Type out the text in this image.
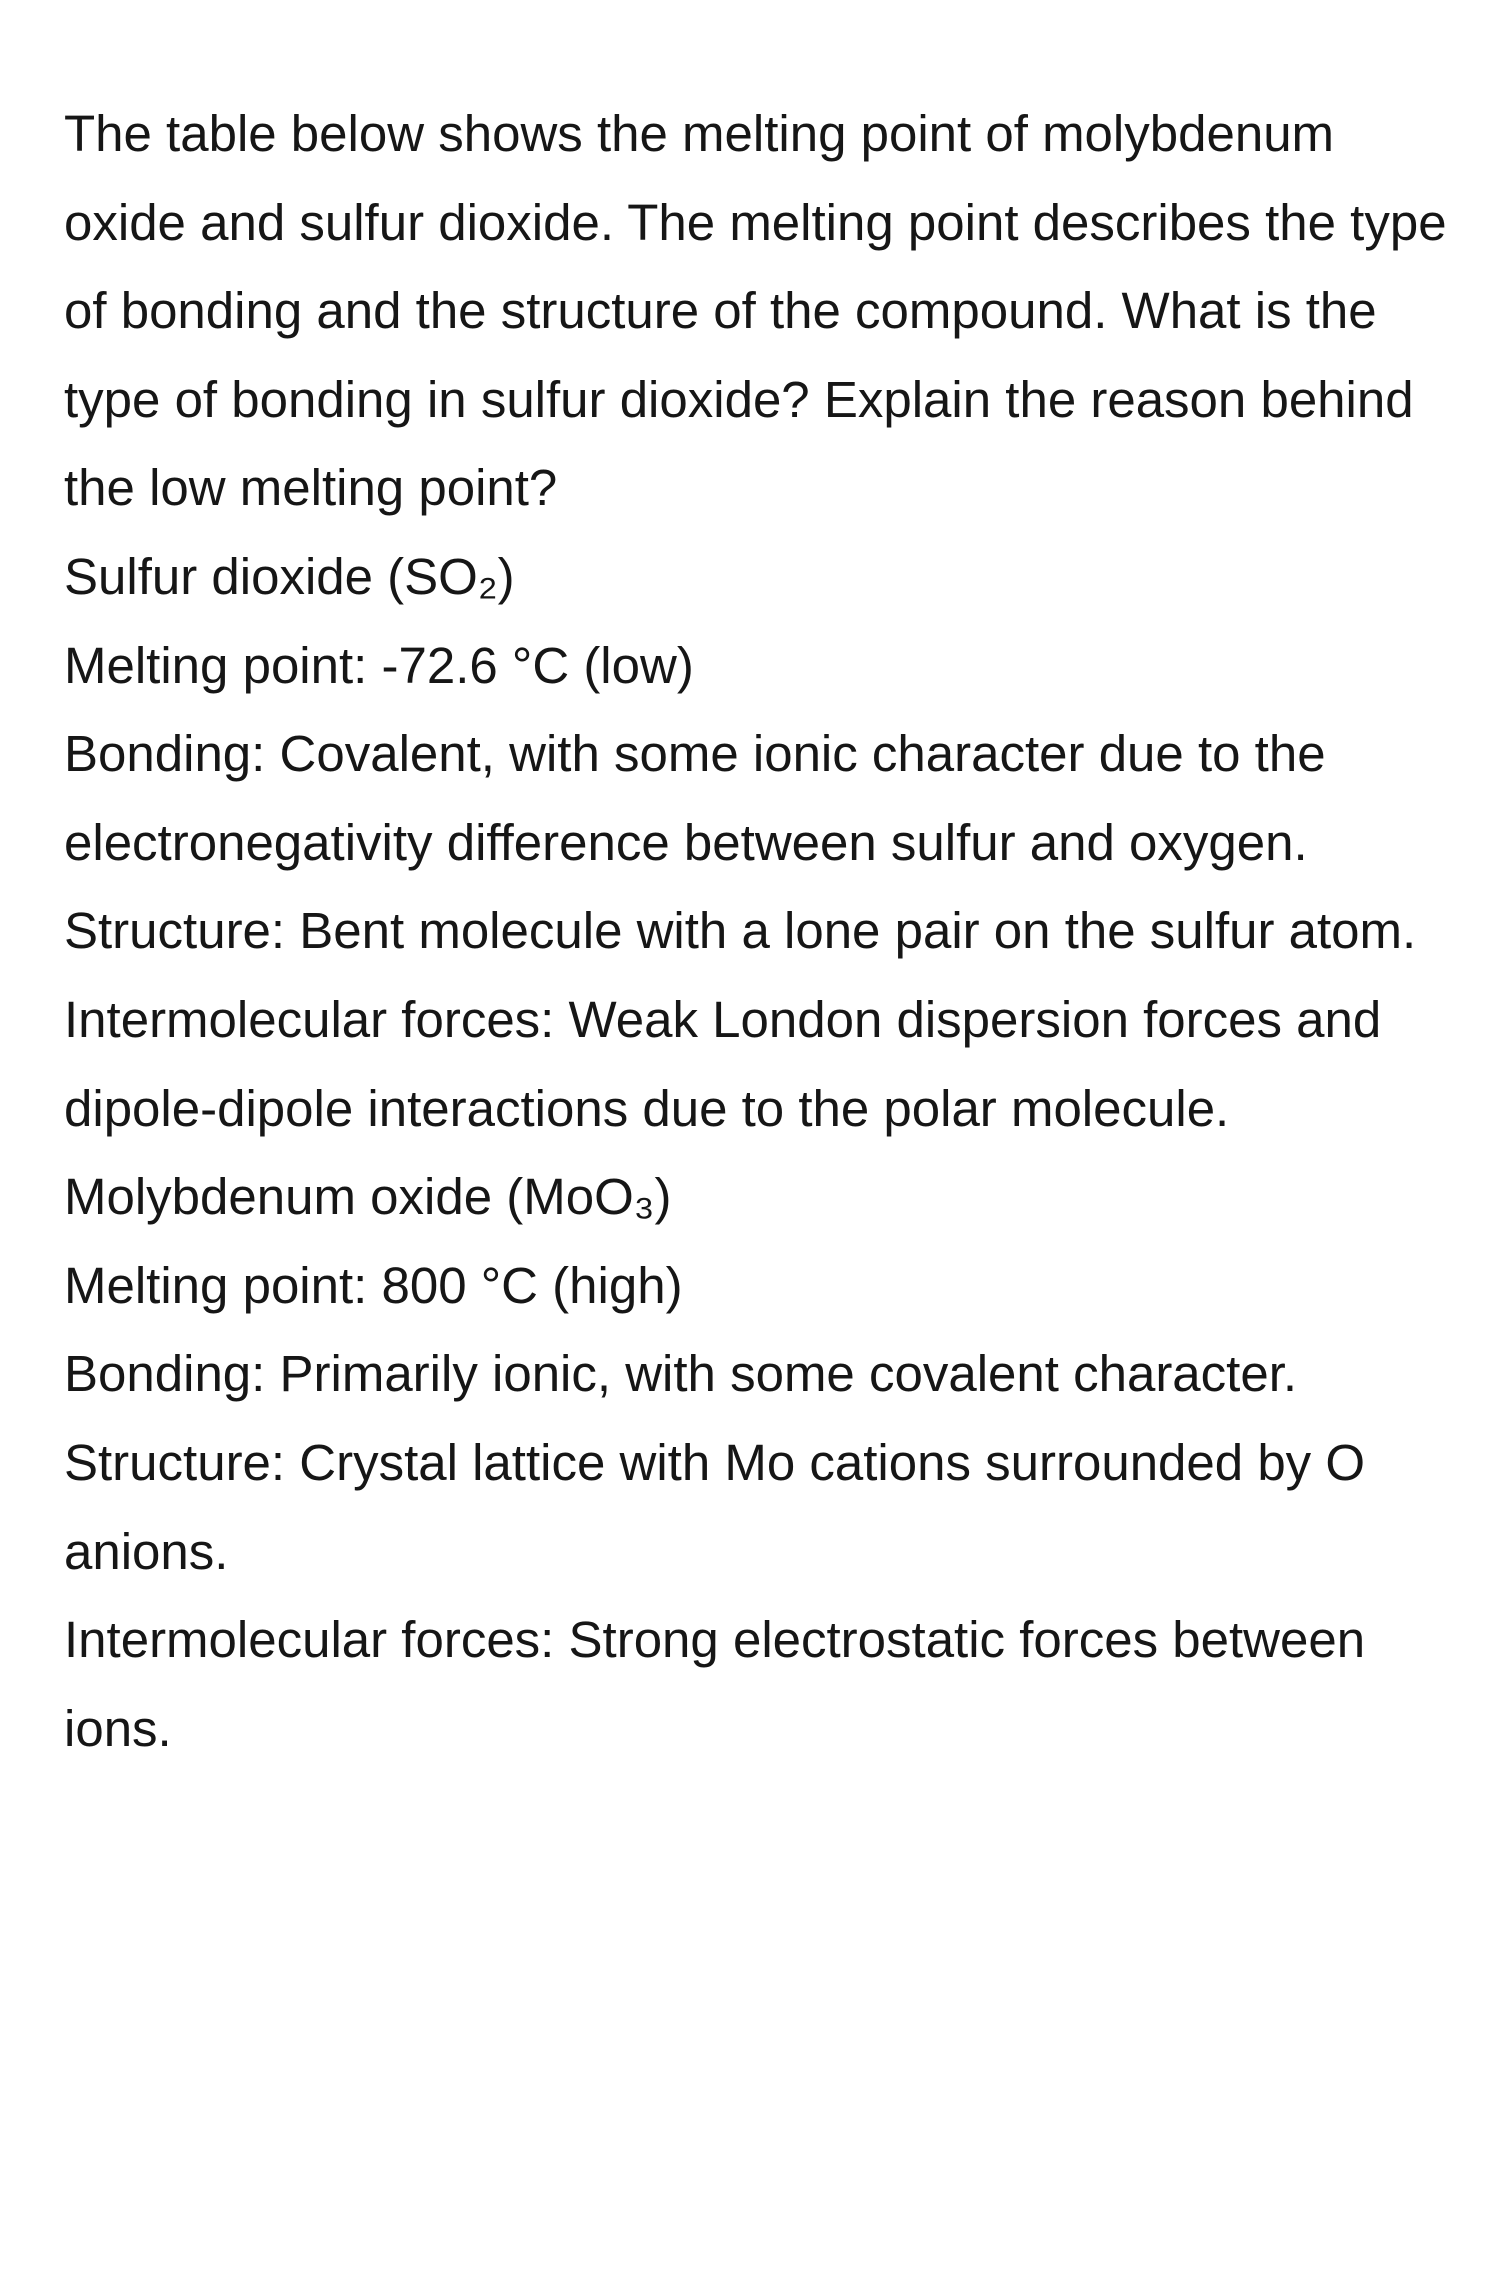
The table below shows the melting point of molybdenum oxide and sulfur dioxide. The melting point describes the type of bonding and the structure of the compound. What is the type of bonding in sulfur dioxide? Explain the reason behind the low melting point?

Sulfur dioxide (SO₂)

Melting point: -72.6 °C (low)

Bonding: Covalent, with some ionic character due to the electronegativity difference between sulfur and oxygen.

Structure: Bent molecule with a lone pair on the sulfur atom.

Intermolecular forces: Weak London dispersion forces and dipole-dipole interactions due to the polar molecule.

Molybdenum oxide (MoO₃)

Melting point: 800 °C (high)

Bonding: Primarily ionic, with some covalent character.

Structure: Crystal lattice with Mo cations surrounded by O anions.

Intermolecular forces: Strong electrostatic forces between ions.
